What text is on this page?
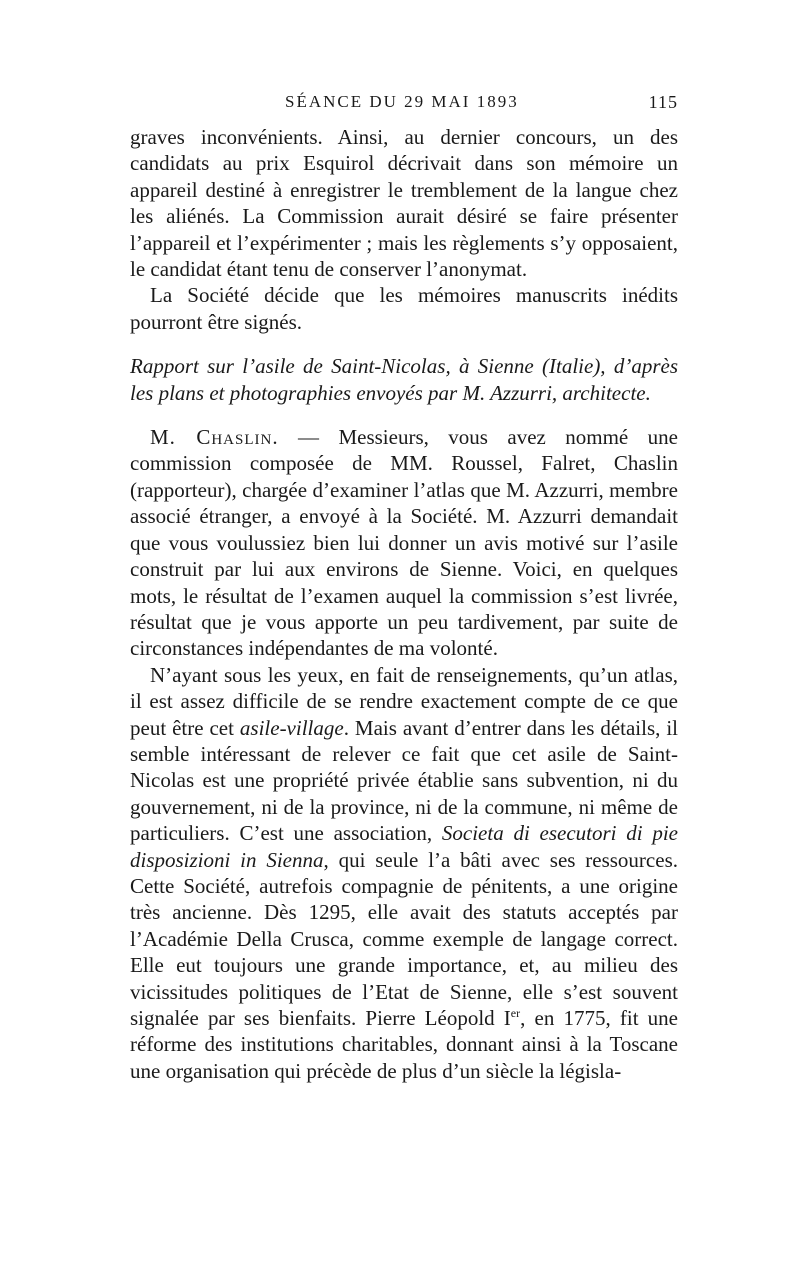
SÉANCE DU 29 MAI 1893	115

graves inconvénients. Ainsi, au dernier concours, un des candidats au prix Esquirol décrivait dans son mémoire un appareil destiné à enregistrer le tremblement de la langue chez les aliénés. La Commission aurait désiré se faire présenter l’appareil et l’expérimenter ; mais les règlements s’y opposaient, le candidat étant tenu de conserver l’anonymat.

La Société décide que les mémoires manuscrits inédits pourront être signés.

Rapport sur l’asile de Saint-Nicolas, à Sienne (Italie), d’après les plans et photographies envoyés par M. Azzurri, architecte.

M. Chaslin. — Messieurs, vous avez nommé une commission composée de MM. Roussel, Falret, Chaslin (rapporteur), chargée d’examiner l’atlas que M. Azzurri, membre associé étranger, a envoyé à la Société. M. Azzurri demandait que vous voulussiez bien lui donner un avis motivé sur l’asile construit par lui aux environs de Sienne. Voici, en quelques mots, le résultat de l’examen auquel la commission s’est livrée, résultat que je vous apporte un peu tardivement, par suite de circonstances indépendantes de ma volonté.

N’ayant sous les yeux, en fait de renseignements, qu’un atlas, il est assez difficile de se rendre exactement compte de ce que peut être cet asile-village. Mais avant d’entrer dans les détails, il semble intéressant de relever ce fait que cet asile de Saint-Nicolas est une propriété privée établie sans subvention, ni du gouvernement, ni de la province, ni de la commune, ni même de particuliers. C’est une association, Societa di esecutori di pie disposizioni in Sienna, qui seule l’a bâti avec ses ressources. Cette Société, autrefois compagnie de pénitents, a une origine très ancienne. Dès 1295, elle avait des statuts acceptés par l’Académie Della Crusca, comme exemple de langage correct. Elle eut toujours une grande importance, et, au milieu des vicissitudes politiques de l’Etat de Sienne, elle s’est souvent signalée par ses bienfaits. Pierre Léopold Ier, en 1775, fit une réforme des institutions charitables, donnant ainsi à la Toscane une organisation qui précède de plus d’un siècle la législa-
